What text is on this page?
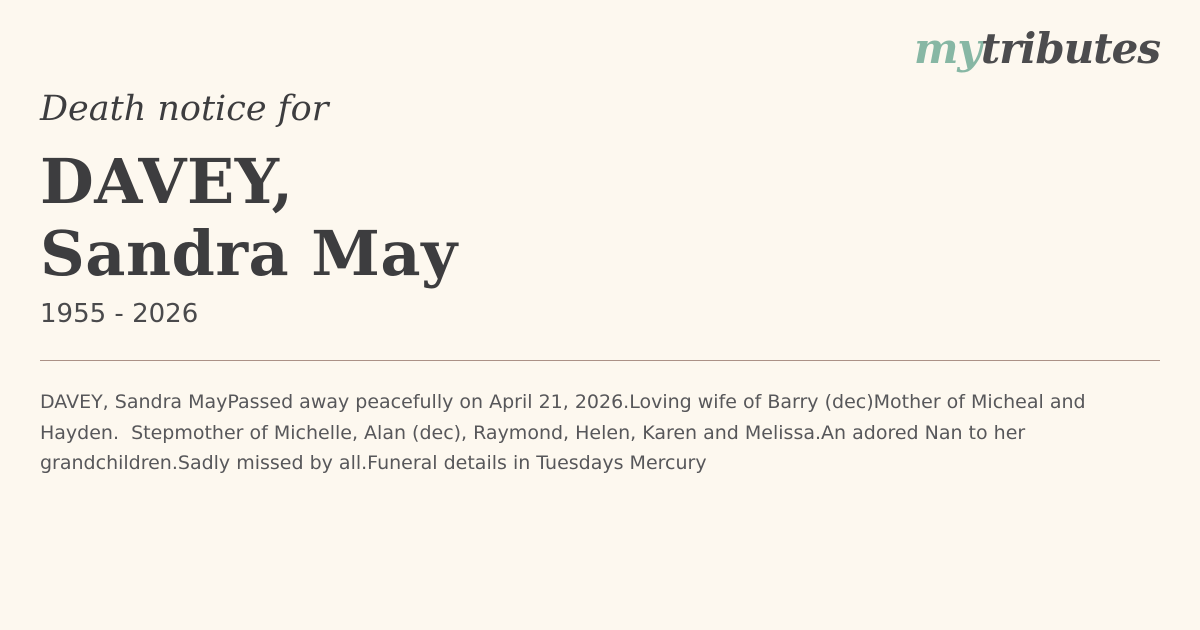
mytributes

Death notice for

DAVEY,
Sandra May

1955 - 2026

DAVEY, Sandra MayPassed away peacefully on April 21, 2026.Loving wife of Barry (dec)Mother of Micheal and Hayden.  Stepmother of Michelle, Alan (dec), Raymond, Helen, Karen and Melissa.An adored Nan to her grandchildren.Sadly missed by all.Funeral details in Tuesdays Mercury
